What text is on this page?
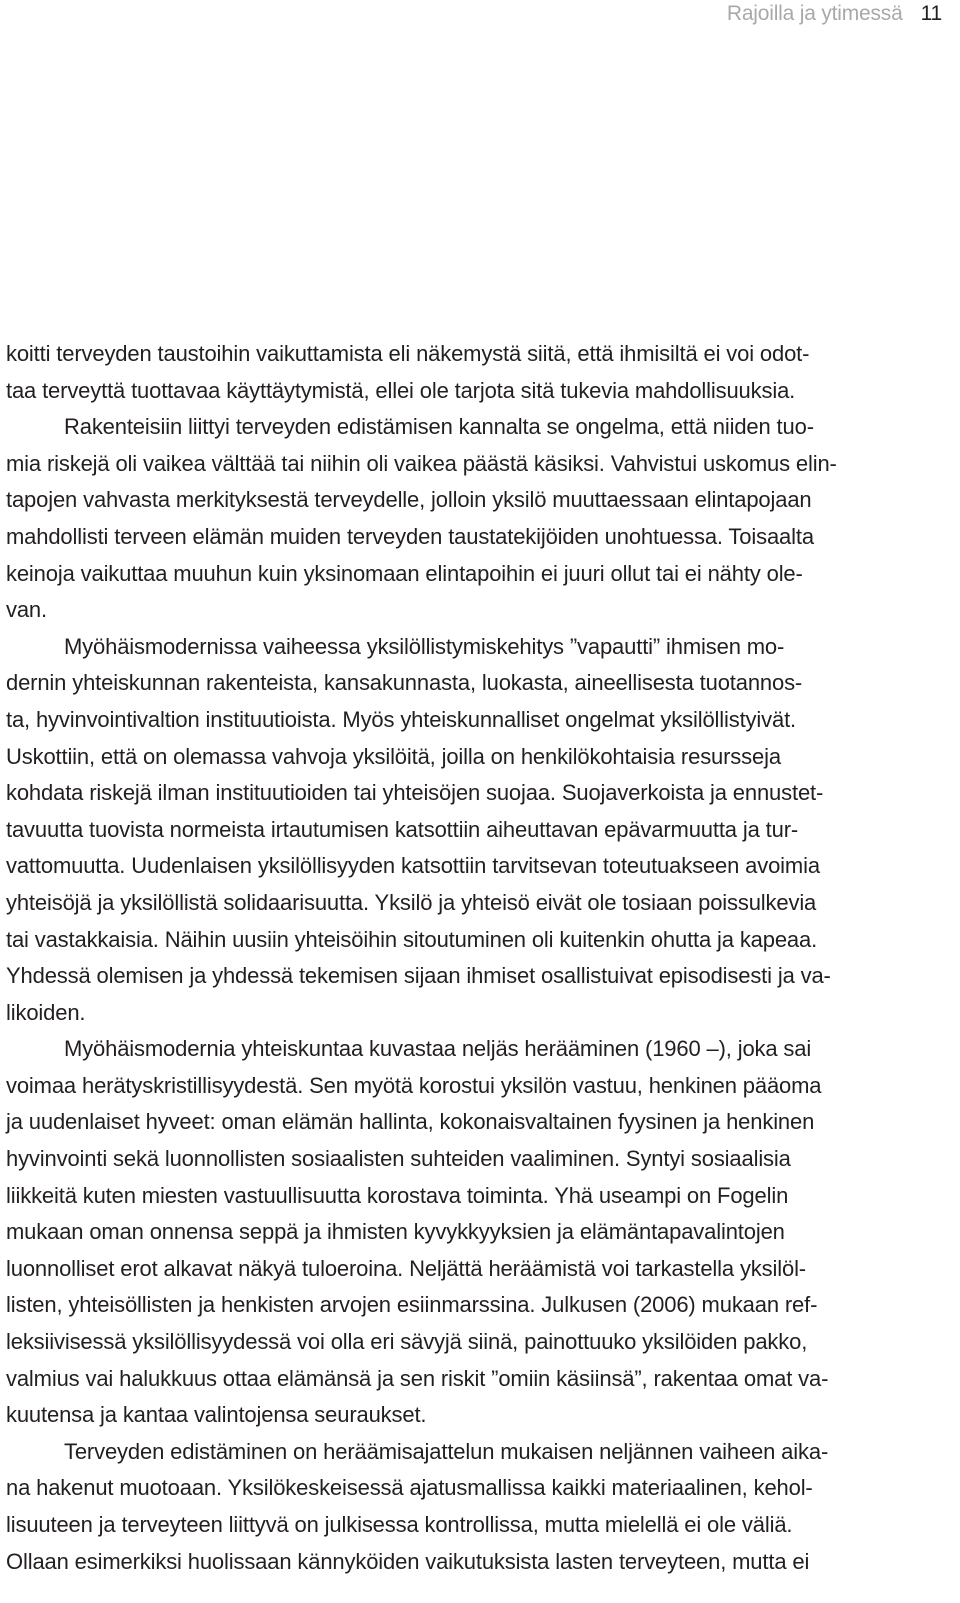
Rajoilla ja ytimessä 11
koitti terveyden taustoihin vaikuttamista eli näkemystä siitä, että ihmisiltä ei voi odot-
taa terveyttä tuottavaa käyttäytymistä, ellei ole tarjota sitä tukevia mahdollisuuksia.
Rakenteisiin liittyi terveyden edistämisen kannalta se ongelma, että niiden tuo-
mia riskejä oli vaikea välttää tai niihin oli vaikea päästä käsiksi. Vahvistui uskomus elin-
tapojen vahvasta merkityksestä terveydelle, jolloin yksilö muuttaessaan elintapojaan
mahdollisti terveen elämän muiden terveyden taustatekijöiden unohtuessa. Toisaalta
keinoja vaikuttaa muuhun kuin yksinomaan elintapoihin ei juuri ollut tai ei nähty ole-
van.
Myöhäismodernissa vaiheessa yksilöllistymiskehitys ”vapautti” ihmisen mo-
dernin yhteiskunnan rakenteista, kansakunnasta, luokasta, aineellisesta tuotannos-
ta, hyvinvointivaltion instituutioista. Myös yhteiskunnalliset ongelmat yksilöllistyivät.
Uskottiin, että on olemassa vahvoja yksilöitä, joilla on henkilökohtaisia resursseja
kohdata riskejä ilman instituutioiden tai yhteisöjen suojaa. Suojaverkoista ja ennustet-
tavuutta tuovista normeista irtautumisen katsottiin aiheuttavan epävarmuutta ja tur-
vattomuutta. Uudenlaisen yksilöllisyyden katsottiin tarvitsevan toteutuakseen avoimia
yhteisöjä ja yksilöllistä solidaarisuutta. Yksilö ja yhteisö eivät ole tosiaan poissulkevia
tai vastakkaisia. Näihin uusiin yhteisöihin sitoutuminen oli kuitenkin ohutta ja kapeaa.
Yhdessä olemisen ja yhdessä tekemisen sijaan ihmiset osallistuivat episodisesti ja va-
likoiden.
Myöhäismodernia yhteiskuntaa kuvastaa neljäs herääminen (1960 –), joka sai
voimaa herätyskristillisyydestä. Sen myötä korostui yksilön vastuu, henkinen pääoma
ja uudenlaiset hyveet: oman elämän hallinta, kokonaisvaltainen fyysinen ja henkinen
hyvinvointi sekä luonnollisten sosiaalisten suhteiden vaaliminen. Syntyi sosiaalisia
liikkeitä kuten miesten vastuullisuutta korostava toiminta. Yhä useampi on Fogelin
mukaan oman onnensa seppä ja ihmisten kyvykkyyksien ja elämäntapavalintojen
luonnolliset erot alkavat näkyä tuloeroina. Neljättä heräämistä voi tarkastella yksilöl-
listen, yhteisöllisten ja henkisten arvojen esiinmarssina. Julkusen (2006) mukaan ref-
leksiivisessä yksilöllisyydessä voi olla eri sävyjä siinä, painottuuko yksilöiden pakko,
valmius vai halukkuus ottaa elämänsä ja sen riskit ”omiin käsiinsä”, rakentaa omat va-
kuutensa ja kantaa valintojensa seuraukset.
Terveyden edistäminen on heräämisajattelun mukaisen neljännen vaiheen aika-
na hakenut muotoaan. Yksilökeskeisessä ajatusmallissa kaikki materiaalinen, kehol-
lisuuteen ja terveyteen liittyvä on julkisessa kontrollissa, mutta mielellä ei ole väliä.
Ollaan esimerkiksi huolissaan kännyköiden vaikutuksista lasten terveyteen, mutta ei
